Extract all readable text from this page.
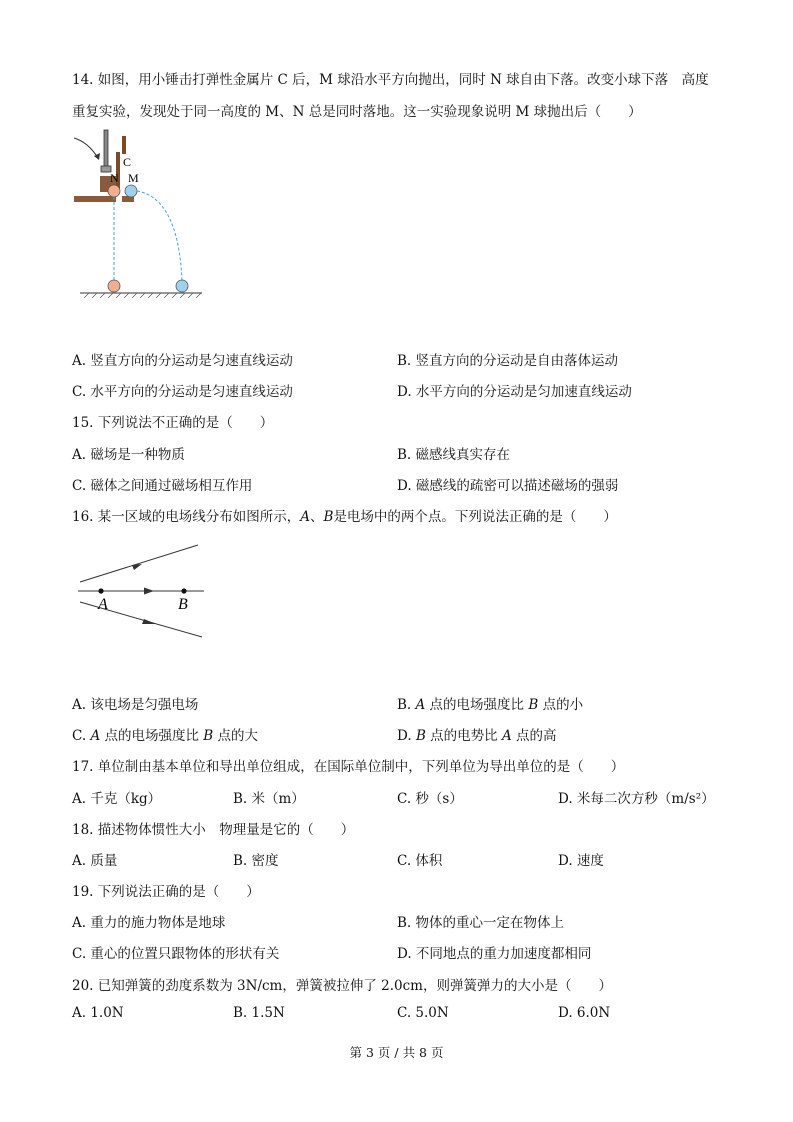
14. 如图，用小锤击打弹性金属片 C 后，M 球沿水平方向抛出，同时 N 球自由下落。改变小球下落　高度
重复实验，发现处于同一高度的 M、N 总是同时落地。这一实验现象说明 M 球抛出后（　　）
C
N M
A. 竖直方向的分运动是匀速直线运动	B. 竖直方向的分运动是自由落体运动
C. 水平方向的分运动是匀速直线运动	D. 水平方向的分运动是匀加速直线运动
15. 下列说法不正确的是（　　）
A. 磁场是一种物质	B. 磁感线真实存在
C. 磁体之间通过磁场相互作用	D. 磁感线的疏密可以描述磁场的强弱
16. 某一区域的电场线分布如图所示，A、B是电场中的两个点。下列说法正确的是（　　）
A	B
A. 该电场是匀强电场	B. A 点的电场强度比 B 点的小
C. A 点的电场强度比 B 点的大	D. B 点的电势比 A 点的高
17. 单位制由基本单位和导出单位组成，在国际单位制中，下列单位为导出单位的是（　　）
A. 千克（kg）	B. 米（m）	C. 秒（s）	D. 米每二次方秒（m/s²）
18. 描述物体惯性大小　物理量是它的（　　）
A. 质量	B. 密度	C. 体积	D. 速度
19. 下列说法正确的是（　　）
A. 重力的施力物体是地球	B. 物体的重心一定在物体上
C. 重心的位置只跟物体的形状有关	D. 不同地点的重力加速度都相同
20. 已知弹簧的劲度系数为 3N/cm，弹簧被拉伸了 2.0cm，则弹簧弹力的大小是（　　）
A. 1.0N	B. 1.5N	C. 5.0N	D. 6.0N
第 3 页 / 共 8 页
